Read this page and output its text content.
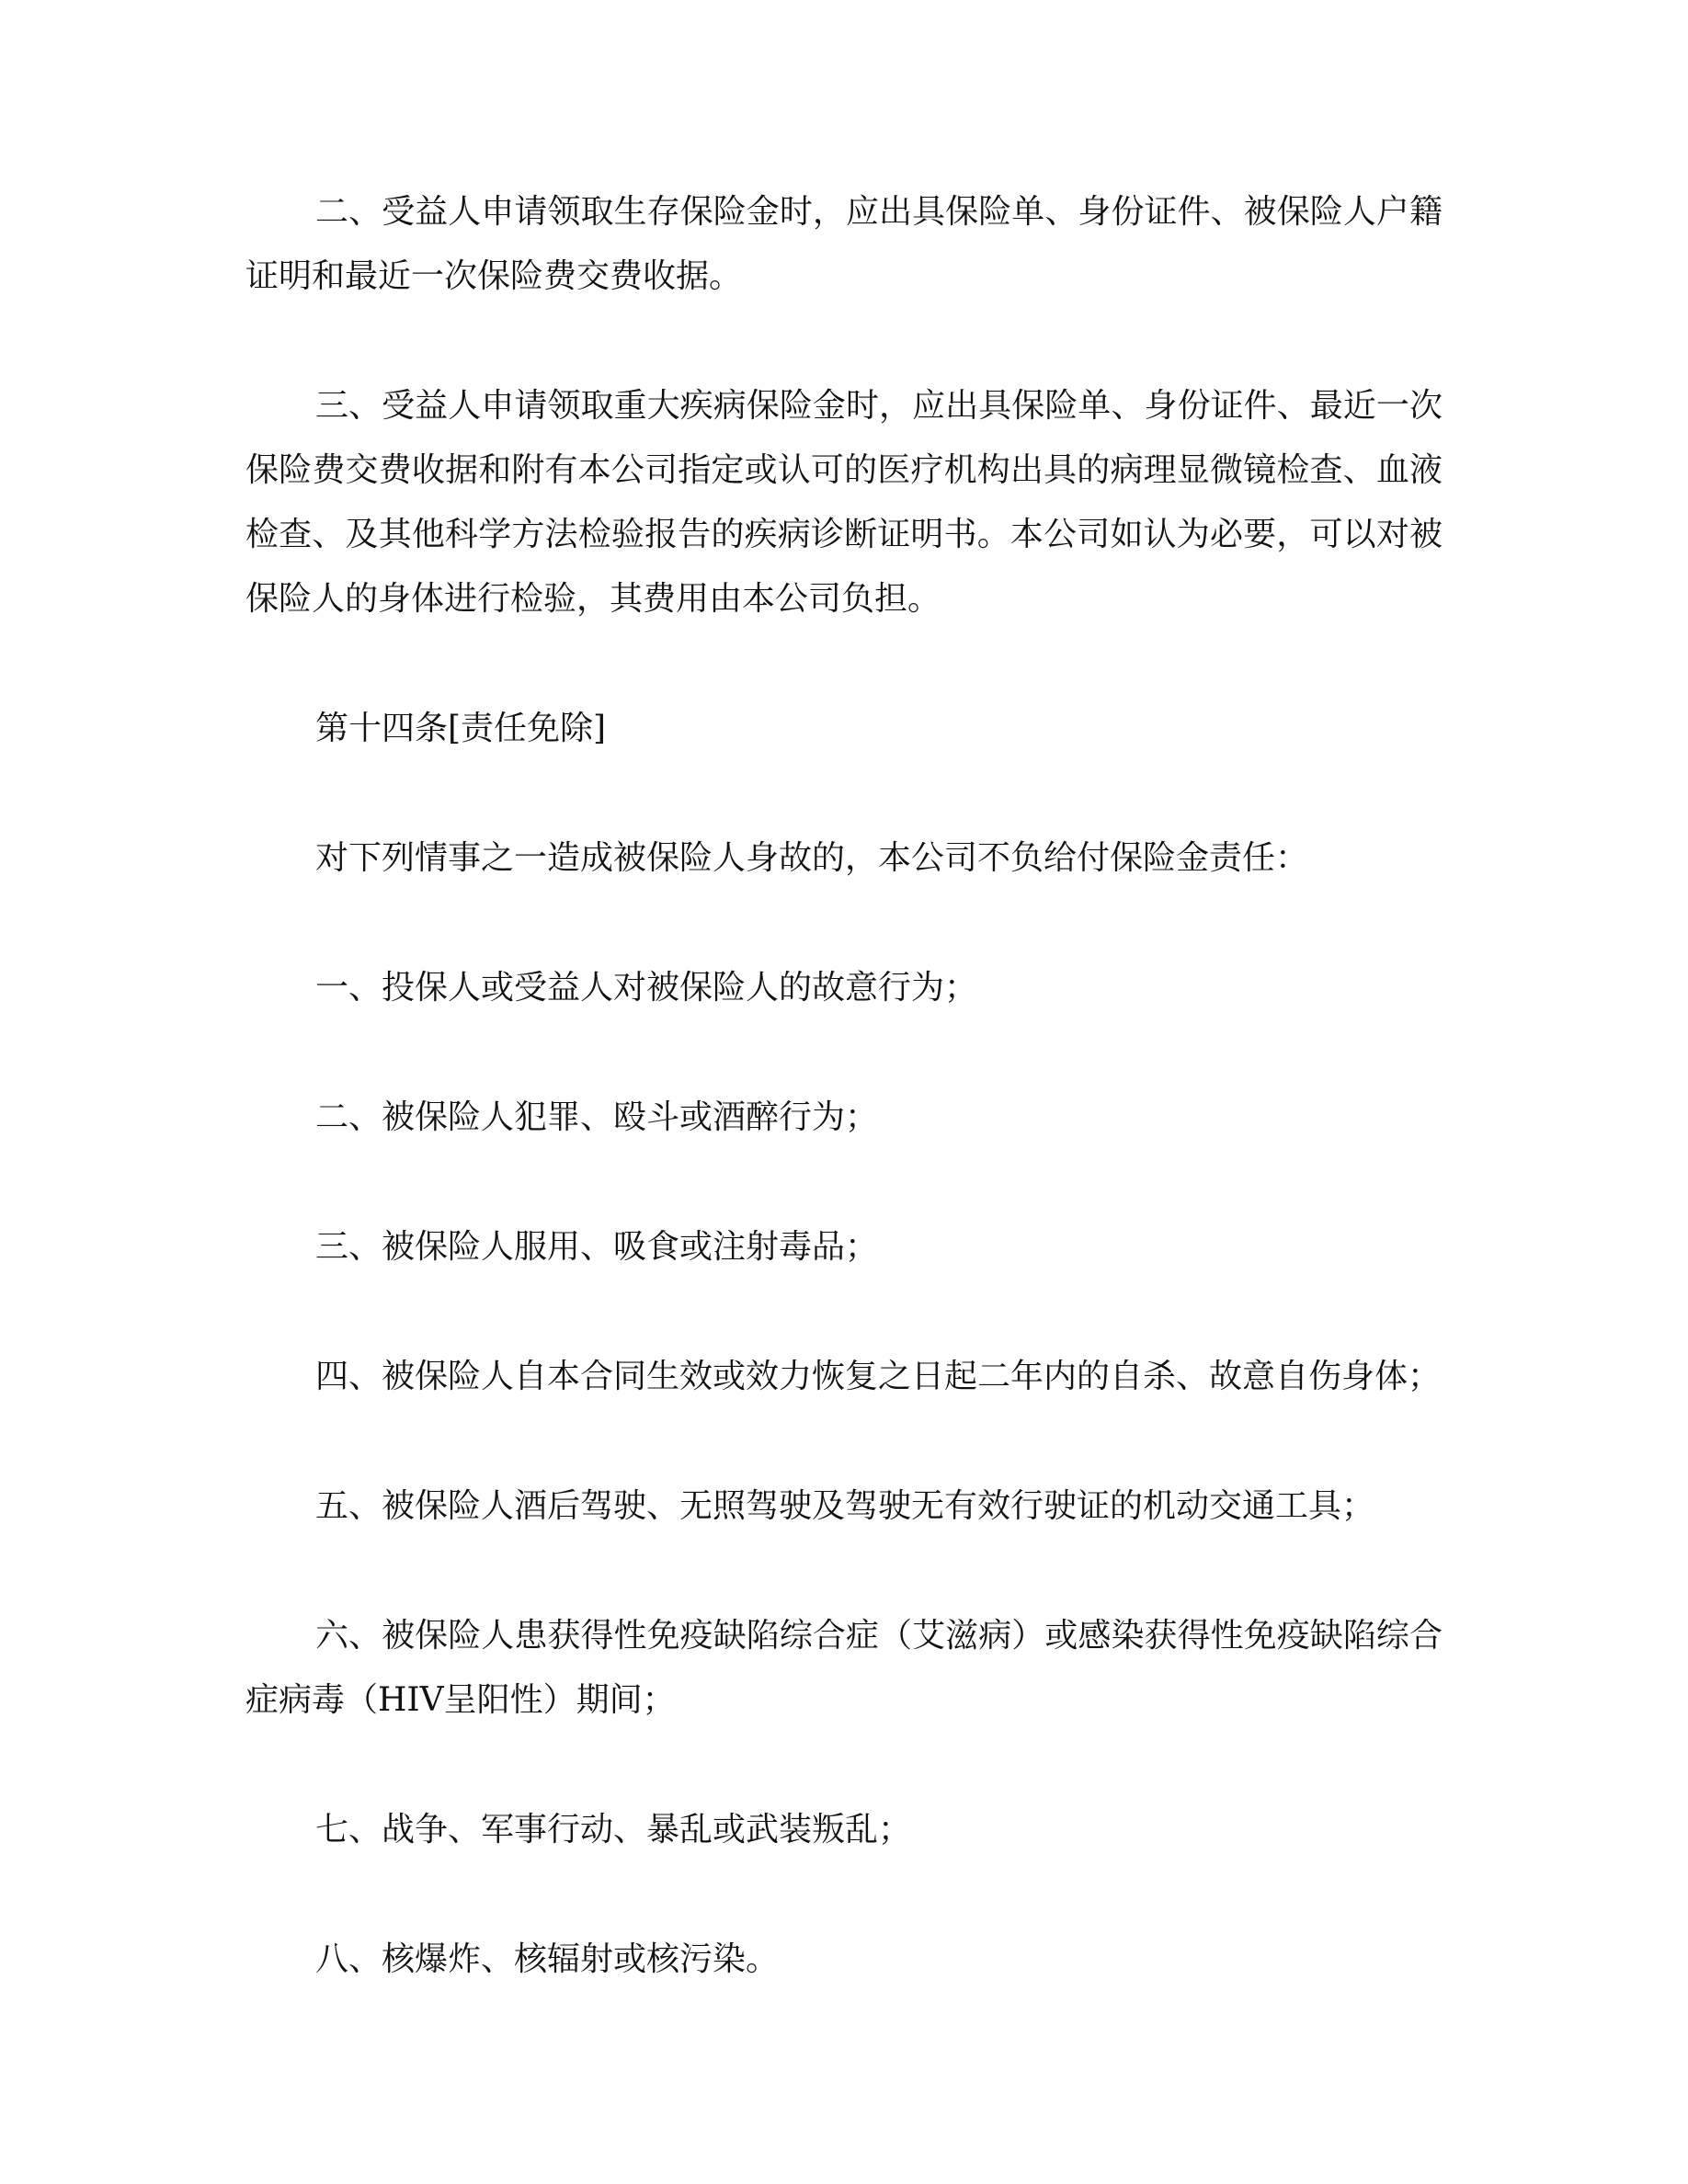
二、受益人申请领取生存保险金时，应出具保险单、身份证件、被保险人户籍证明和最近一次保险费交费收据。

三、受益人申请领取重大疾病保险金时，应出具保险单、身份证件、最近一次保险费交费收据和附有本公司指定或认可的医疗机构出具的病理显微镜检查、血液检查、及其他科学方法检验报告的疾病诊断证明书。本公司如认为必要，可以对被保险人的身体进行检验，其费用由本公司负担。

第十四条[责任免除]

对下列情事之一造成被保险人身故的，本公司不负给付保险金责任：

一、投保人或受益人对被保险人的故意行为；

二、被保险人犯罪、殴斗或酒醉行为；

三、被保险人服用、吸食或注射毒品；

四、被保险人自本合同生效或效力恢复之日起二年内的自杀、故意自伤身体；

五、被保险人酒后驾驶、无照驾驶及驾驶无有效行驶证的机动交通工具；

六、被保险人患获得性免疫缺陷综合症（艾滋病）或感染获得性免疫缺陷综合症病毒（HIV呈阳性）期间；

七、战争、军事行动、暴乱或武装叛乱；

八、核爆炸、核辐射或核污染。
